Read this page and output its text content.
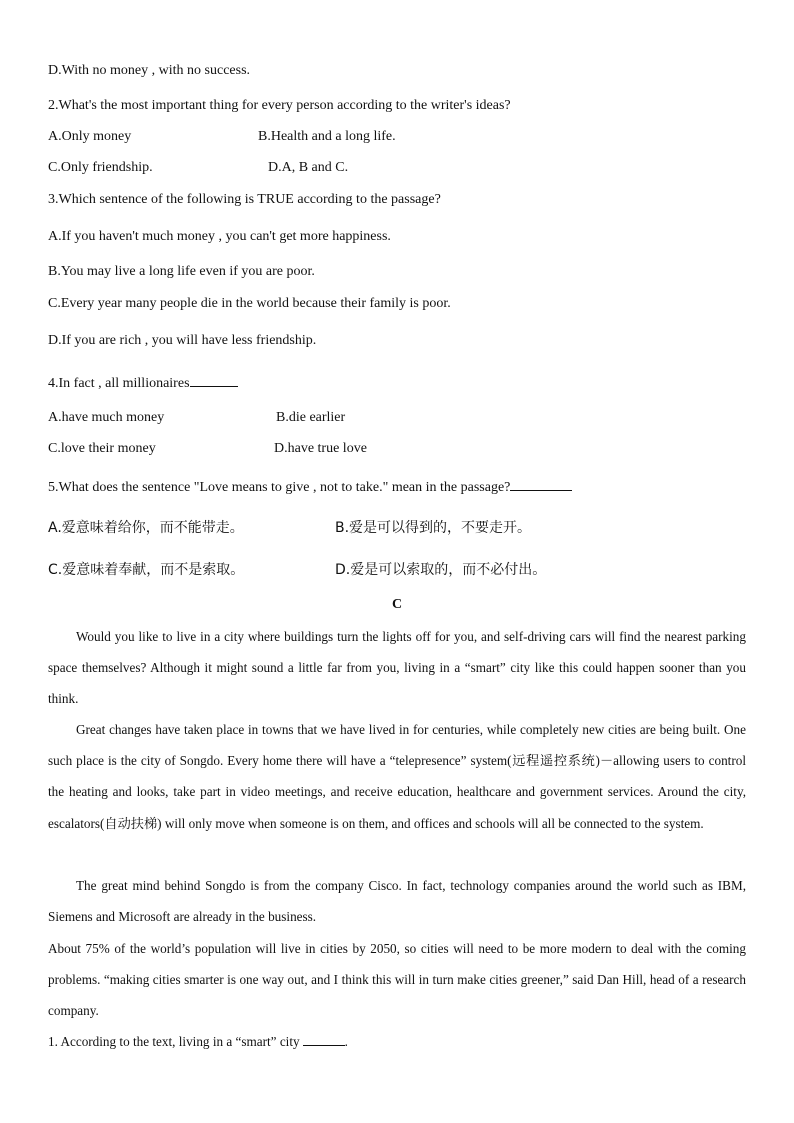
D.With no money , with no success.
2.What's the most important thing for every person according to the writer's ideas?
A.Only money	B.Health and a long life.
C.Only friendship.	D.A, B and C.
3.Which sentence of the following is TRUE according to the passage?
A.If you haven't much money , you can't get more happiness.
B.You may live a long life even if you are poor.
C.Every year many people die in the world because their family is poor.
D.If you are rich , you will have less friendship.
4.In fact , all millionaires
A.have much money	B.die earlier
C.love their money	D.have true love
5.What does the sentence "Love means to give , not to take." mean in the passage?
A.爱意味着给你，而不能带走。	B.爱是可以得到的，不要走开。
C.爱意味着奉献，而不是索取。	D.爱是可以索取的，而不必付出。
C
Would you like to live in a city where buildings turn the lights off for you, and self-driving cars will find the nearest parking space themselves? Although it might sound a little far from you, living in a “smart” city like this could happen sooner than you think.
Great changes have taken place in towns that we have lived in for centuries, while completely new cities are being built. One such place is the city of Songdo. Every home there will have a “telepresence” system(远程遥控系统)－allowing users to control the heating and looks, take part in video meetings, and receive education, healthcare and government services. Around the city, escalators(自动扶梯) will only move when someone is on them, and offices and schools will all be connected to the system.
The great mind behind Songdo is from the company Cisco. In fact, technology companies around the world such as IBM, Siemens and Microsoft are already in the business.
About 75% of the world’s population will live in cities by 2050, so cities will need to be more modern to deal with the coming problems. “making cities smarter is one way out, and I think this will in turn make cities greener,” said Dan Hill, head of a research company.
1. According to the text, living in a “smart” city	.
